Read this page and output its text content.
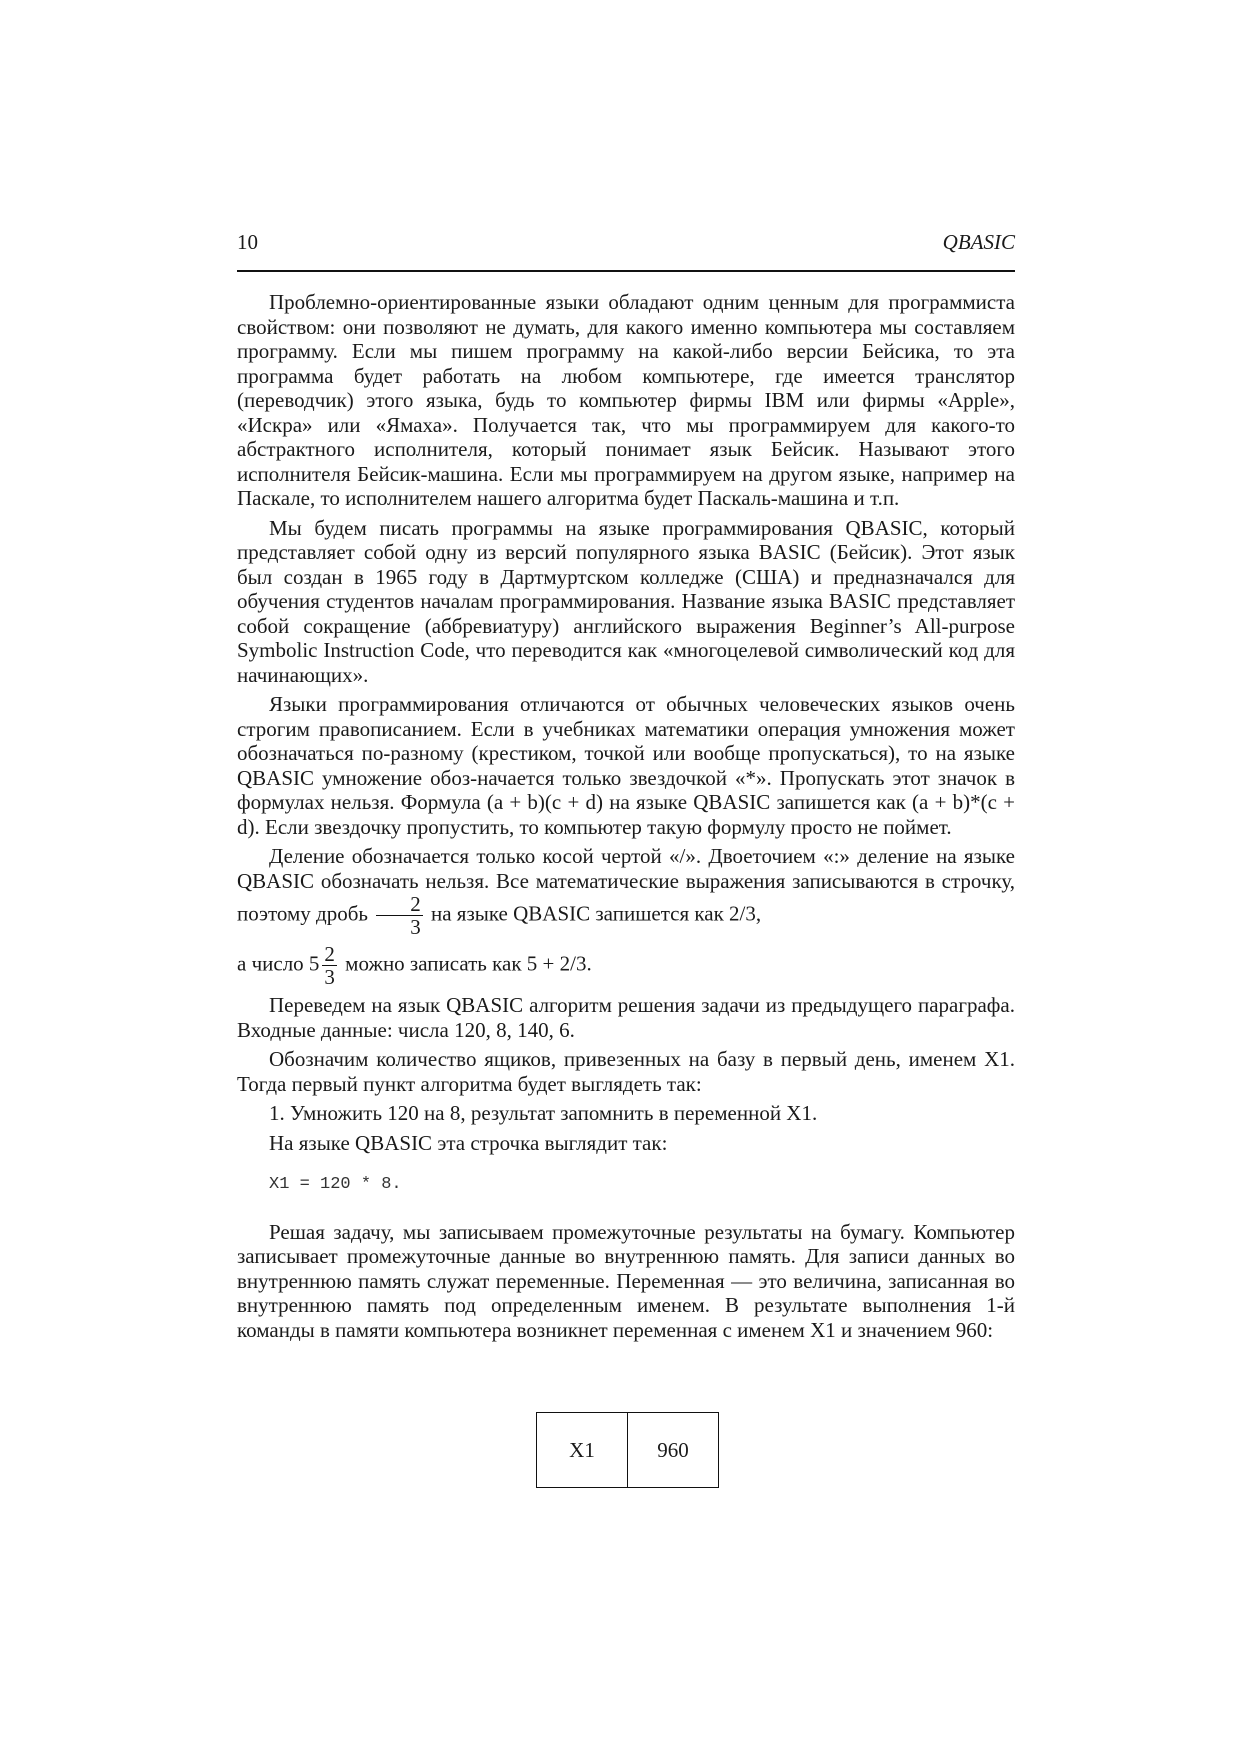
10	QBASIC

Проблемно-ориентированные языки обладают одним ценным для программиста свойством: они позволяют не думать, для какого именно компьютера мы составляем программу. Если мы пишем программу на какой-либо версии Бейсика, то эта программа будет работать на любом компьютере, где имеется транслятор (переводчик) этого языка, будь то компьютер фирмы IBM или фирмы «Apple», «Искра» или «Ямаха». Получается так, что мы программируем для какого-то абстрактного исполнителя, который понимает язык Бейсик. Называют этого исполнителя Бейсик-машина. Если мы программируем на другом языке, например на Паскале, то исполнителем нашего алгоритма будет Паскаль-машина и т.п.

Мы будем писать программы на языке программирования QBASIC, который представляет собой одну из версий популярного языка BASIC (Бейсик). Этот язык был создан в 1965 году в Дартмуртском колледже (США) и предназначался для обучения студентов началам программирования. Название языка BASIC представляет собой сокращение (аббревиатуру) английского выражения Beginner’s All-purpose Symbolic Instruction Code, что переводится как «многоцелевой символический код для начинающих».

Языки программирования отличаются от обычных человеческих языков очень строгим правописанием. Если в учебниках математики операция умножения может обозначаться по-разному (крестиком, точкой или вообще пропускаться), то на языке QBASIC умножение обоз-начается только звездочкой «*». Пропускать этот значок в формулах нельзя. Формула (a + b)(c + d) на языке QBASIC запишется как (a + b)*(c + d). Если звездочку пропустить, то компьютер такую формулу просто не поймет.

Деление обозначается только косой чертой «/». Двоеточием «:» деление на языке QBASIC обозначать нельзя. Все математические выражения записываются в строчку, поэтому дробь $\frac{2}{3}$ на языке QBASIC запишется как 2/3,

а число $5 \frac{2}{3}$ можно записать как 5 + 2/3.

Переведем на язык QBASIC алгоритм решения задачи из предыдущего параграфа. Входные данные: числа 120, 8, 140, 6.

Обозначим количество ящиков, привезенных на базу в первый день, именем X1. Тогда первый пункт алгоритма будет выглядеть так:

1. Умножить 120 на 8, результат запомнить в переменной X1.

На языке QBASIC эта строчка выглядит так:

X1 = 120 * 8.

Решая задачу, мы записываем промежуточные результаты на бумагу. Компьютер записывает промежуточные данные во внутреннюю память. Для записи данных во внутреннюю память служат переменные. Переменная — это величина, записанная во внутреннюю память под определенным именем. В результате выполнения 1-й команды в памяти компьютера возникнет переменная с именем X1 и значением 960:

X1	960
